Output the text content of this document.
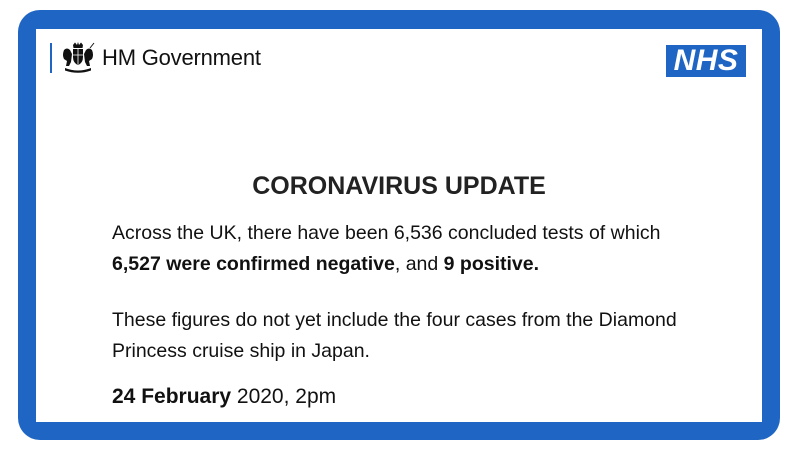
HM Government	NHS
CORONAVIRUS UPDATE
Across the UK, there have been 6,536 concluded tests of which 6,527 were confirmed negative, and 9 positive.
These figures do not yet include the four cases from the Diamond Princess cruise ship in Japan.
24 February 2020, 2pm
